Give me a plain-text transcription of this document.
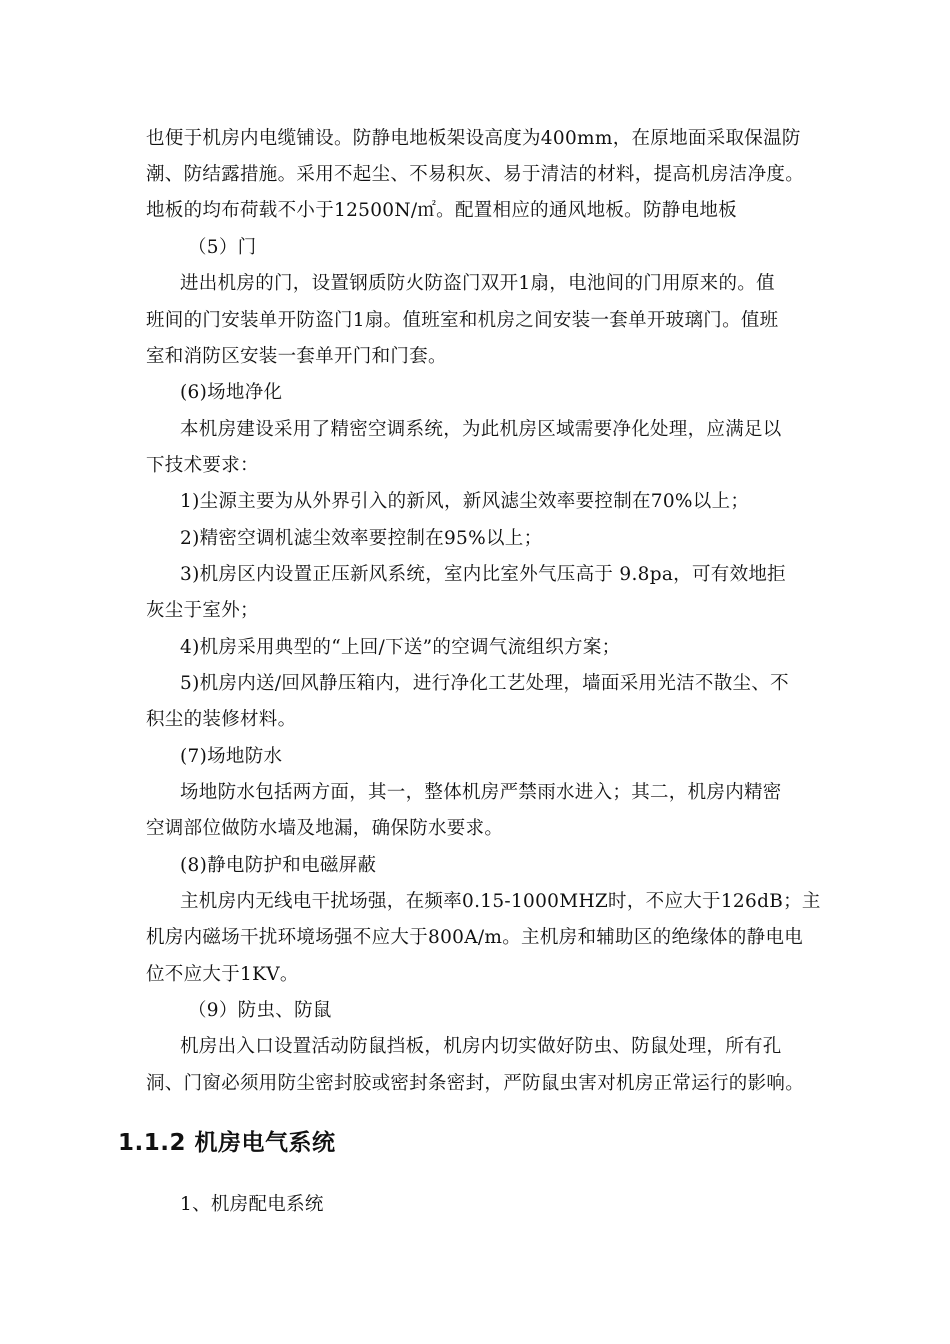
也便于机房内电缆铺设。防静电地板架设高度为400mm，在原地面采取保温防
潮、防结露措施。采用不起尘、不易积灰、易于清洁的材料，提高机房洁净度。
地板的均布荷载不小于12500N/㎡。配置相应的通风地板。防静电地板
（5）门
进出机房的门，设置钢质防火防盗门双开1扇，电池间的门用原来的。值
班间的门安装单开防盗门1扇。值班室和机房之间安装一套单开玻璃门。值班
室和消防区安装一套单开门和门套。
(6)场地净化
本机房建设采用了精密空调系统，为此机房区域需要净化处理，应满足以
下技术要求：
1)尘源主要为从外界引入的新风，新风滤尘效率要控制在70%以上；
2)精密空调机滤尘效率要控制在95%以上；
3)机房区内设置正压新风系统，室内比室外气压高于 9.8pa，可有效地拒
灰尘于室外；
4)机房采用典型的“上回/下送”的空调气流组织方案；
5)机房内送/回风静压箱内，进行净化工艺处理，墙面采用光洁不散尘、不
积尘的装修材料。
(7)场地防水
场地防水包括两方面，其一，整体机房严禁雨水进入；其二，机房内精密
空调部位做防水墙及地漏，确保防水要求。
(8)静电防护和电磁屏蔽
主机房内无线电干扰场强，在频率0.15-1000MHZ时，不应大于126dB；主
机房内磁场干扰环境场强不应大于800A/m。主机房和辅助区的绝缘体的静电电
位不应大于1KV。
（9）防虫、防鼠
机房出入口设置活动防鼠挡板，机房内切实做好防虫、防鼠处理，所有孔
洞、门窗必须用防尘密封胶或密封条密封，严防鼠虫害对机房正常运行的影响。
1.1.2 机房电气系统
1、机房配电系统
